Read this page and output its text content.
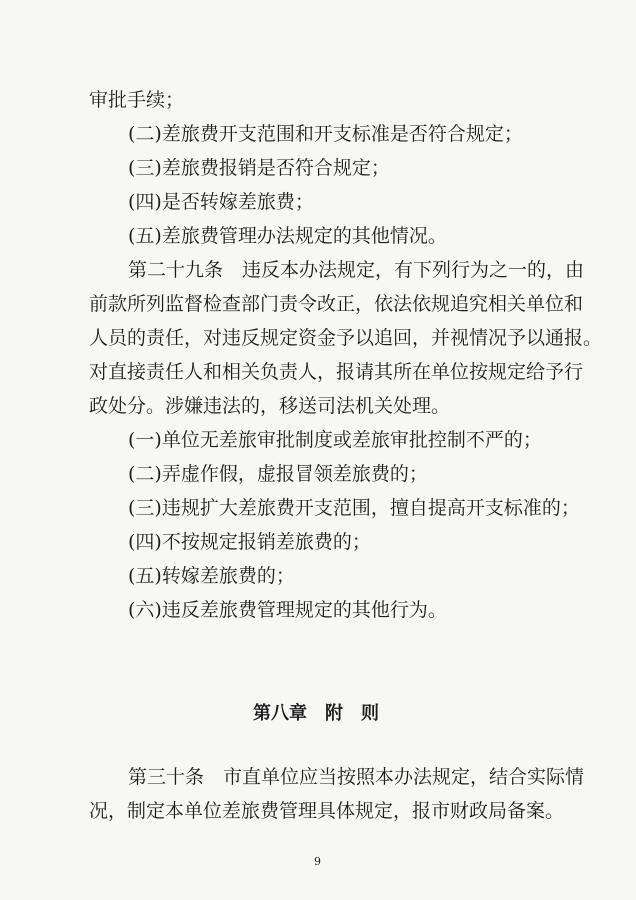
审批手续；
(二)差旅费开支范围和开支标准是否符合规定；
(三)差旅费报销是否符合规定；
(四)是否转嫁差旅费；
(五)差旅费管理办法规定的其他情况。
第二十九条　违反本办法规定，有下列行为之一的，由
前款所列监督检查部门责令改正，依法依规追究相关单位和
人员的责任，对违反规定资金予以追回，并视情况予以通报。
对直接责任人和相关负责人，报请其所在单位按规定给予行
政处分。涉嫌违法的，移送司法机关处理。
(一)单位无差旅审批制度或差旅审批控制不严的；
(二)弄虚作假，虚报冒领差旅费的；
(三)违规扩大差旅费开支范围，擅自提高开支标准的；
(四)不按规定报销差旅费的；
(五)转嫁差旅费的；
(六)违反差旅费管理规定的其他行为。
第八章　附　则
第三十条　市直单位应当按照本办法规定，结合实际情
况，制定本单位差旅费管理具体规定，报市财政局备案。
9
